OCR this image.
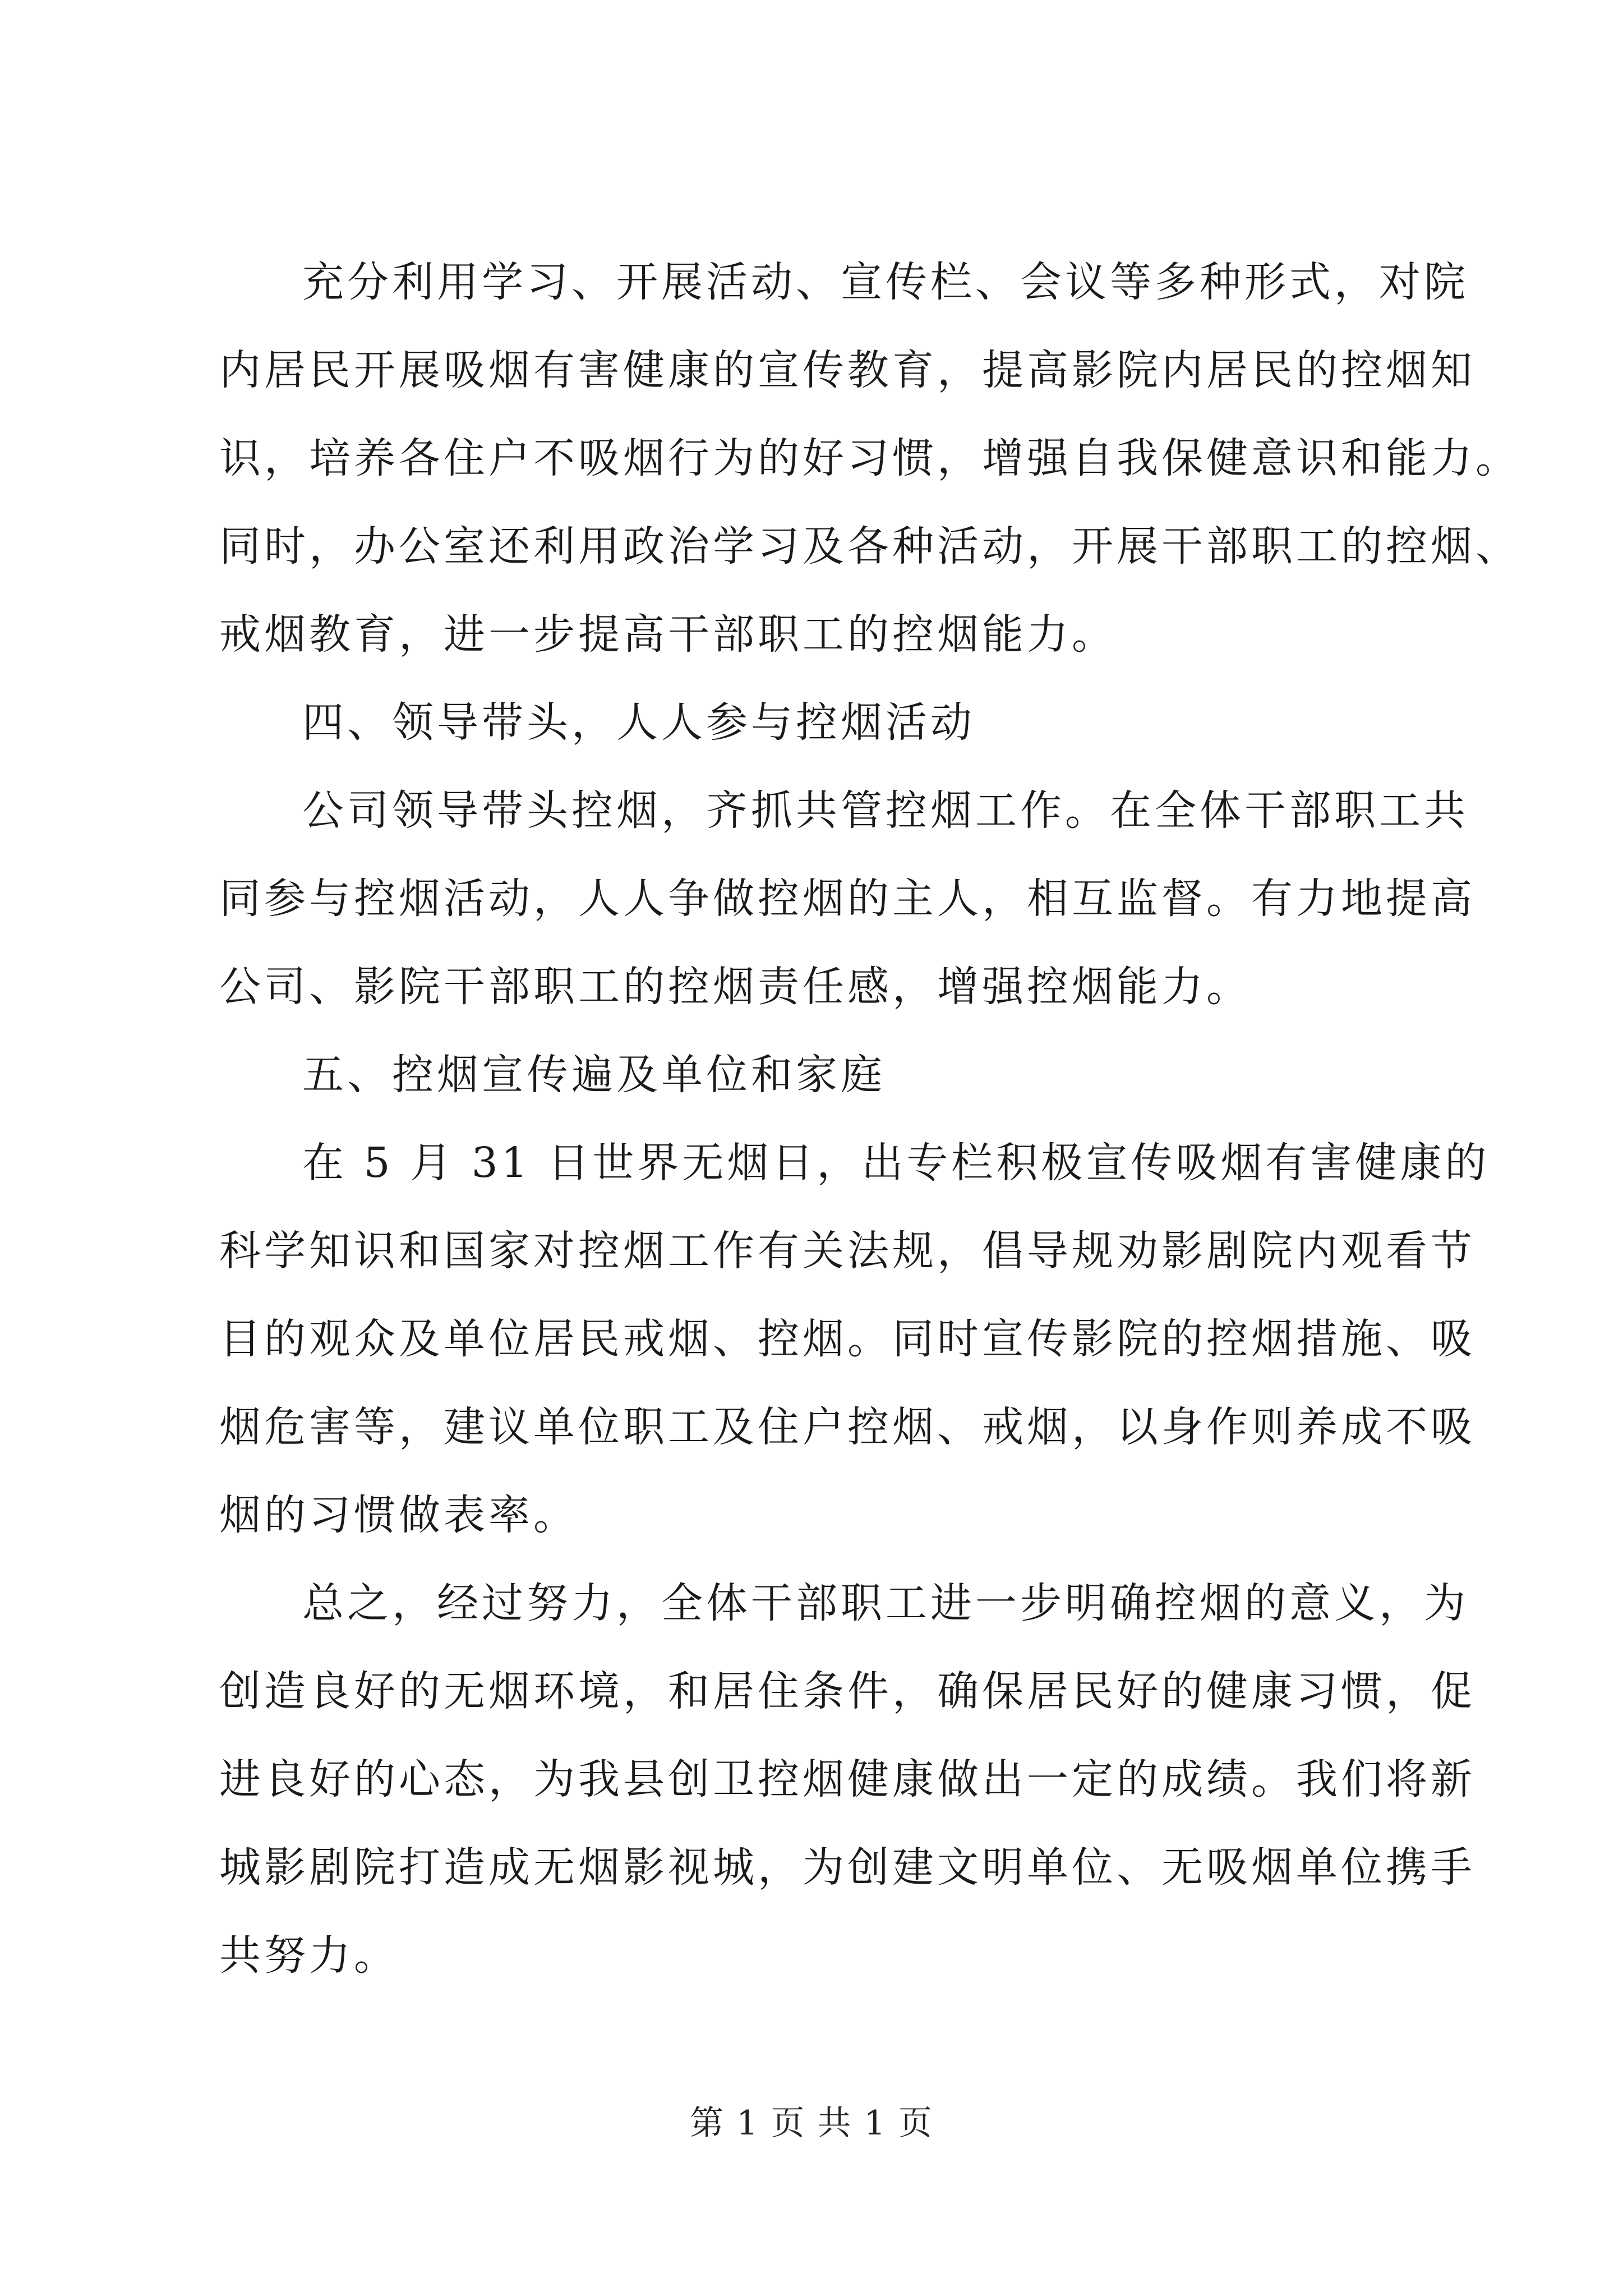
充分利用学习、开展活动、宣传栏、会议等多种形式，对院
内居民开展吸烟有害健康的宣传教育，提高影院内居民的控烟知
识，培养各住户不吸烟行为的好习惯，增强自我保健意识和能力。
同时，办公室还利用政治学习及各种活动，开展干部职工的控烟、
戒烟教育，进一步提高干部职工的控烟能力。
四、领导带头，人人参与控烟活动
公司领导带头控烟，齐抓共管控烟工作。在全体干部职工共
同参与控烟活动，人人争做控烟的主人，相互监督。有力地提高
公司、影院干部职工的控烟责任感，增强控烟能力。
五、控烟宣传遍及单位和家庭
在 5 月 31 日世界无烟日，出专栏积极宣传吸烟有害健康的
科学知识和国家对控烟工作有关法规，倡导规劝影剧院内观看节
目的观众及单位居民戒烟、控烟。同时宣传影院的控烟措施、吸
烟危害等，建议单位职工及住户控烟、戒烟，以身作则养成不吸
烟的习惯做表率。
总之，经过努力，全体干部职工进一步明确控烟的意义，为
创造良好的无烟环境，和居住条件，确保居民好的健康习惯，促
进良好的心态，为我县创卫控烟健康做出一定的成绩。我们将新
城影剧院打造成无烟影视城，为创建文明单位、无吸烟单位携手
共努力。
第 1 页 共 1 页
